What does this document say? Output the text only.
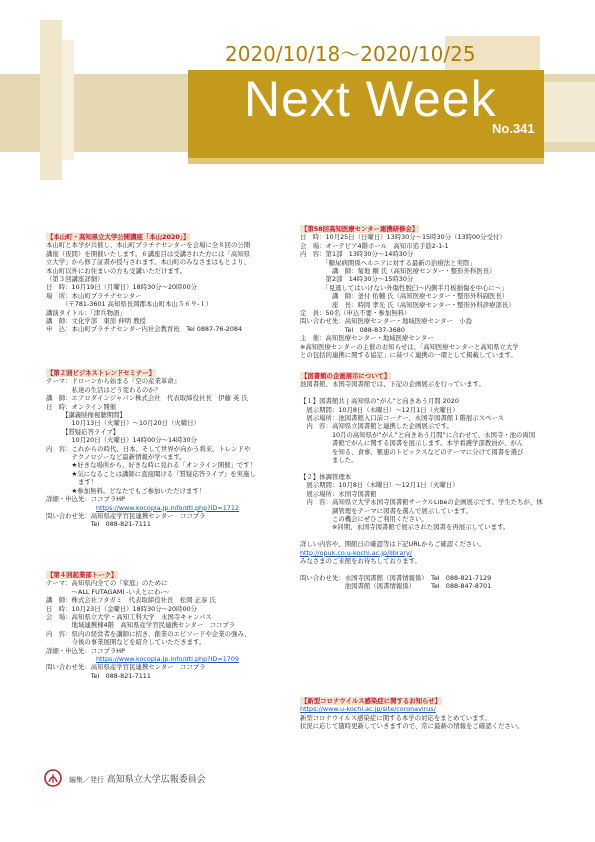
2020/10/18～2020/10/25
Next Week
No.341

【本山町・高知県立大学公開講座「本山2020」】

本山町と本学が共催し、本山町プラチナセンターを会場に全８回の公開

講座（夜間）を開催いたします。６講座目は受講された方には「高知県

立大学」から修了証書が授与されます。本山町のみなさまはもとより、

本山町以外にお住まいの方も受講いただけます。

（第３回講座詳細）

日　時：10月19日（月曜日）18時30分〜20時00分

場　所：本山町プラチナセンター

　　　（〒781-3601 高知県長岡郡本山町本山５６９-１）

講演タイトル：「津兵物語」

講　師：文化学部　東原 伸明 教授

申　込：本山町プラチナセンター内社会教育班　Tel 0887-76-2084

【第２回ビジネストレンドセミナー】

テーマ：ドローンから始まる『空の産業革命』

　　　　私達の生活はどう変わるのか？

講　師：エアロダインジャパン株式会社　代表取締役社長　伊藤 英 氏

日　時：オンライン開催

　　　【講義映像視聴期間】

　　　　10月13日（火曜日）〜10月20日（火曜日）

　　　【質疑応答ライブ】

　　　　10月20日（火曜日）14時00分〜14時30分

内　容：これからの時代、日本、そして世界が向かう将来、トレンドや

　　　　テクノロジーなど最新情報が学べます。

　　　　★好きな場所から、好きな時に見れる「オンライン開催」です！

　　　　★気になることは講師に直接聞ける『質疑応答ライブ』を実施し

　　　　　ます！

　　　　★参加無料。どなたでもご参加いただけます！

詳細・申込先：ココプラHP

https://www.kocopla.jp.info/dtl.php?ID=1712

問い合わせ先：高知県産学官民連携センター　ココプラ

　　　　　　　Tel　088-821-7111

【第４回起業部トーク】

テーマ：高知県内全ての『家庭』のために

　　　　〜ALL FUTAGAMI -いえとにわ-〜

講　師：株式会社フタガミ　代表取締役社長　松岡 正泰 氏

日　時：10月23日（金曜日）18時30分〜20時00分

会　場：高知県立大学・高知工科大学　永国寺キャンパス

　　　　地域連携棟4階　高知県産学官民連携センター　ココプラ

内　容：県内の経営者を講師に招き、創業のエピソードや企業の強み、

　　　　今後の事業展開などを紹介していただきます。

詳細・申込先：ココプラHP

https://www.kocopla.jp.info/dtl.php?ID=1709

問い合わせ先：高知県産学官民連携センター　ココプラ

　　　　　　　Tel　088-821-7111

【第58回高知医療センター連携研修会】

日　時：10月25日（日曜日）13時30分〜15時30分（13時00分受付）

会　場：オーテピア4階ホール　高知市追手筋2-1-1

内　容：第1部　13時30分〜14時30分

　　　　「糖尿病関係ヘルニアに対する最新の治療法と実際」

　　　　　講　師：菊地 剛 氏（高知医療センター・整形外科医長）

　　　　第2部　14時30分〜15時30分

　　　　「見逃してはいけない外傷性脱臼〜内側半月板損傷を中心に〜」

　　　　　講　師：釜付 佑輔 氏（高知医療センター・整形外科副医長）

　　　　　座　長：時岡 孝光 氏（高知医療センター・整形外科診療部長）

定　員：50名（申込不要・参加無料）

問い合わせ先：高知医療センター・地域医療センター　小島

　　　　　　　Tel　088-837-3680

主　催：高知医療センター・地域医療センター

※高知医療センターの主催のお知らせは、「高知医療センターと高知県立大学

との包括的連携に関する協定」に基づく連携の一環として掲載しています。

【図書館の企画展示について】

池図書館、永国寺図書館では、下記の企画展示を行っています。

【１】図書館共 | 高知県の“がん”と向きあう月間 2020

　展示期間：10月8日（木曜日）〜12月1日（火曜日）

　展示場所：池図書館入口前コーナー、永国寺図書館１階展示スペース

　内　容：高知県立図書館と連携した企画展示です。

　　　　　10月の高知県が“がん”と向きあう月間”に合わせて、永国寺・池の両図

　　　　　書館でがんに関する図書を展示します。本学看護学部教員が、がん

　　　　　を知る、食事、罹患のトピックスなどのテーマに分けて図書を選び

　　　　　ました。

【２】体調管理本

　展示期間：10月8日（木曜日）〜12月1日（火曜日）

　展示場所：永国寺図書館

　内　容：高知県立大学永国寺図書館サークルLibeの企画展示です。学生たちが、体

　　　　　調管理をテーマに図書を選んで展示しています。

　　　　　この機会にぜひご利用ください。

　　　　　※同期、永国寺図書館で展示された図書を再展示しています。

詳しい内容や、開館日の確認等は下記URLからご確認ください。

http://opuk.co.u-kochi.ac.jp/library/

みなさまのご来館をお待ちしております。

問い合わせ先：永国寺図書館（図書情報係）　Tel　088-821-7129

　　　　　　　池図書館（図書情報係）　　　Tel　088-847-8701

【新型コロナウイルス感染症に関するお知らせ】

https://www.u-kochi.ac.jp/site/coronavirus/

新型コロナウイルス感染症に関する本学の対応をまとめています。

状況に応じて随時更新していきますので、常に最新の情報をご確認ください。

編集／発行 高知県立大学広報委員会
